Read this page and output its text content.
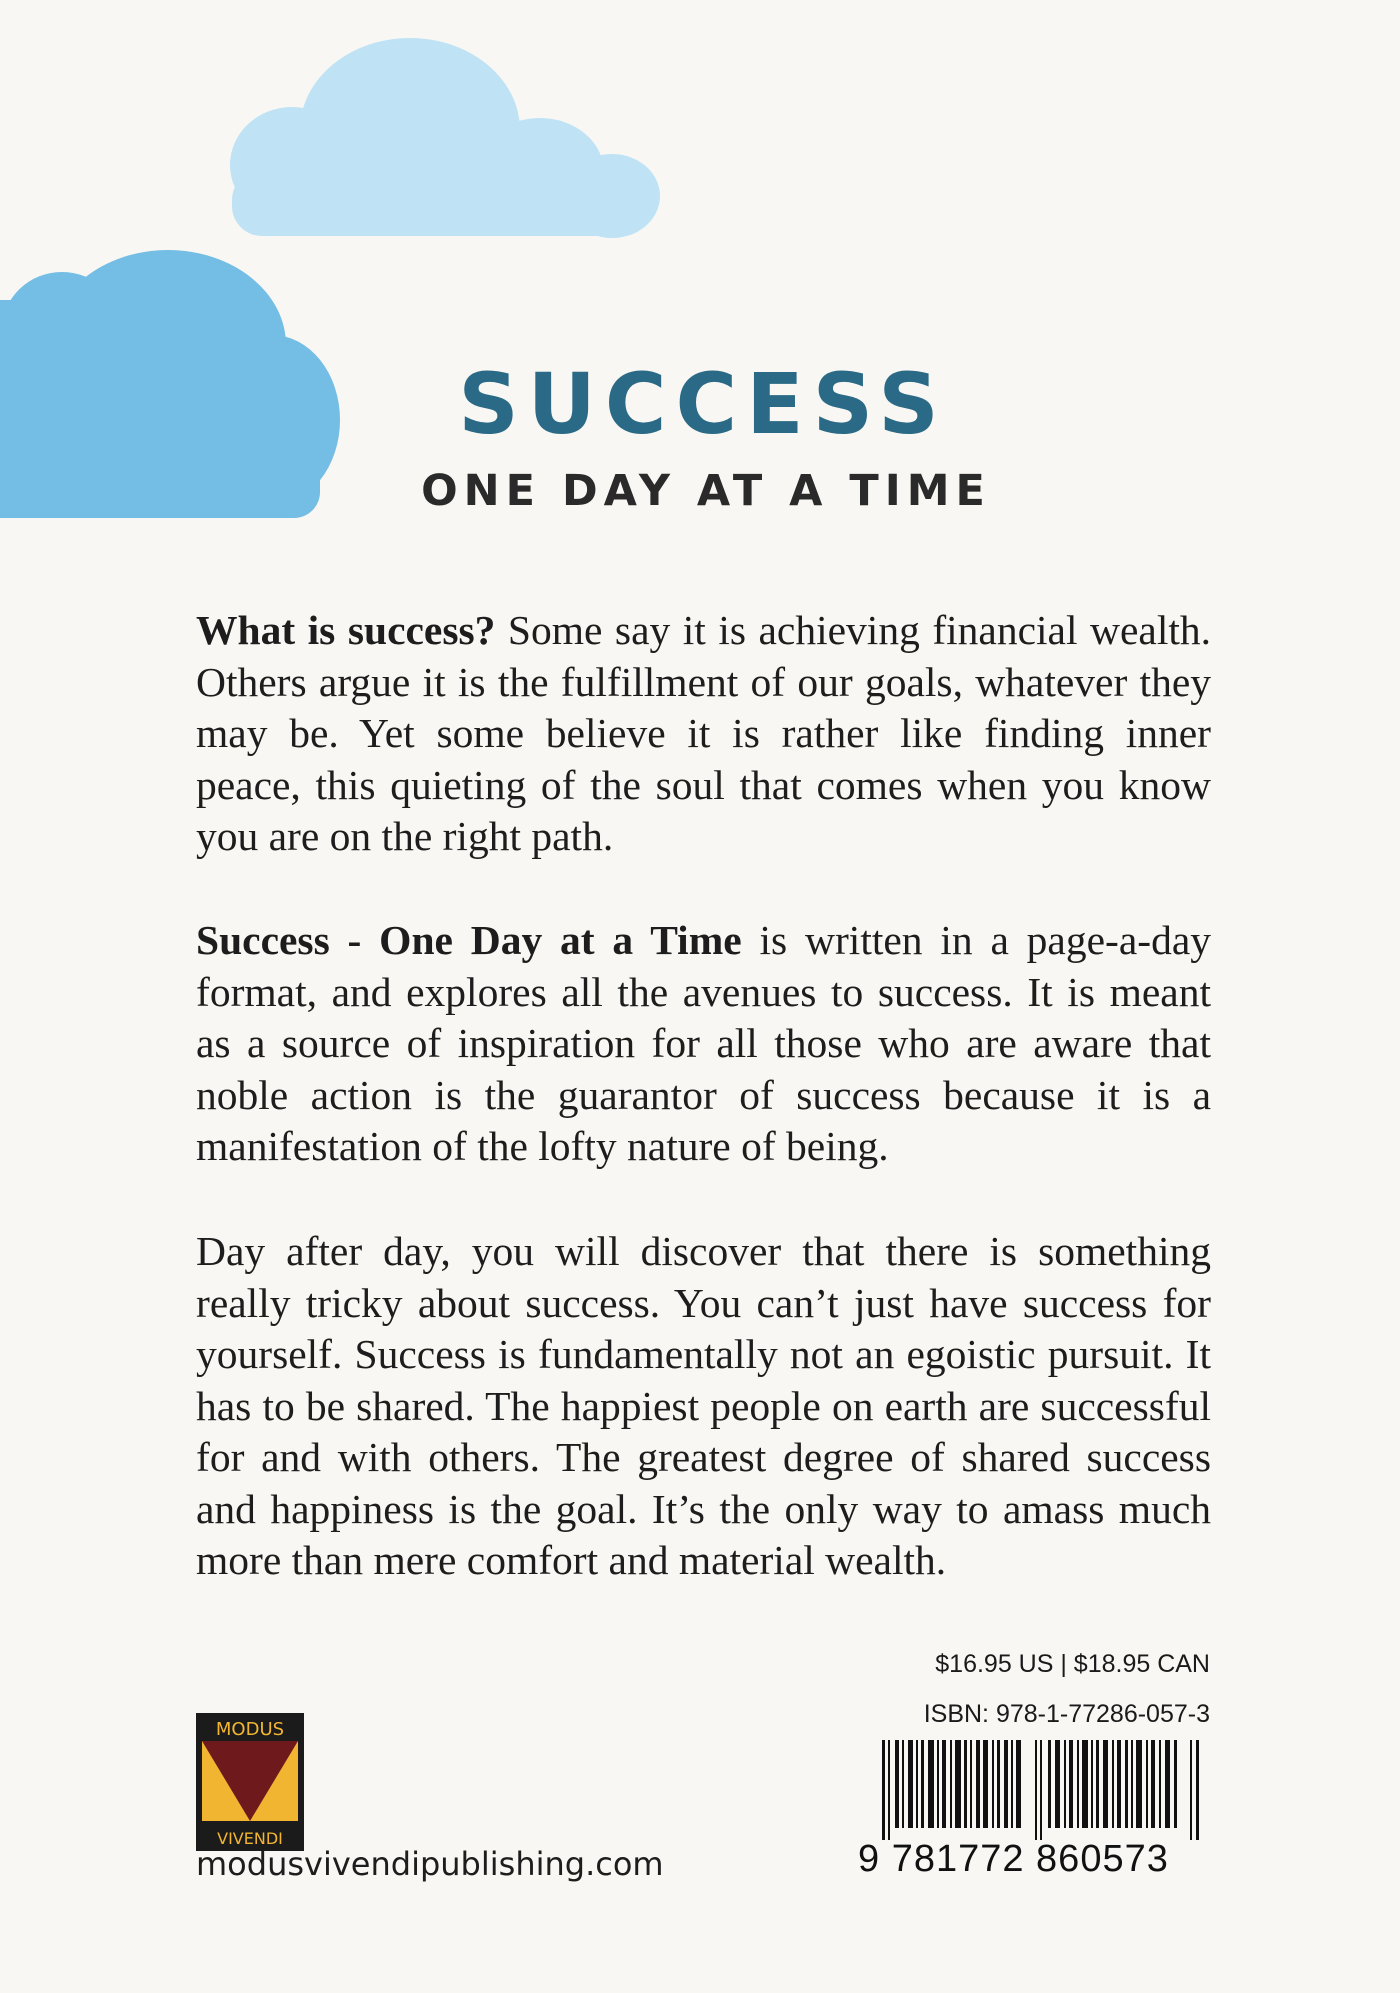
SUCCESS
ONE DAY AT A TIME

What is success? Some say it is achieving financial wealth. Others argue it is the fulfillment of our goals, whatever they may be. Yet some believe it is rather like finding inner peace, this quieting of the soul that comes when you know you are on the right path.

Success - One Day at a Time is written in a page-a-day format, and explores all the avenues to success. It is meant as a source of inspiration for all those who are aware that noble action is the guarantor of success because it is a manifestation of the lofty nature of being.

Day after day, you will discover that there is something really tricky about success. You can’t just have success for yourself. Success is fundamentally not an egoistic pursuit. It has to be shared. The happiest people on earth are successful for and with others. The greatest degree of shared success and happiness is the goal. It’s the only way to amass much more than mere comfort and material wealth.

$16.95 US | $18.95 CAN
ISBN: 978-1-77286-057-3
9 781772 860573
MODUS
VIVENDI
modusvivendipublishing.com
